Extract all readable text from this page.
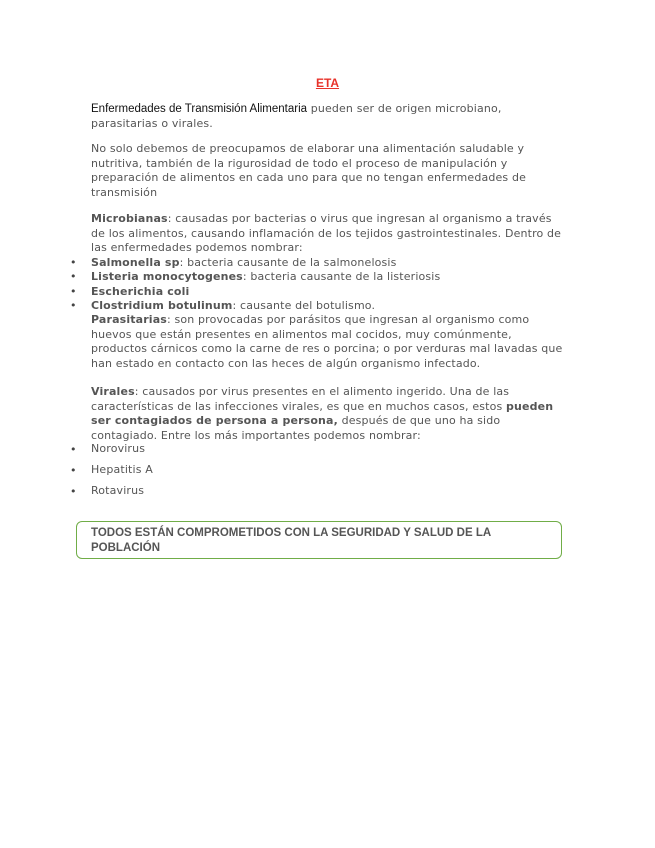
ETA
Enfermedades de Transmisión Alimentaria pueden ser de origen microbiano, parasitarias o virales.
No solo debemos de preocupamos de elaborar una alimentación saludable y nutritiva, también de la rigurosidad de todo el proceso de manipulación y preparación de alimentos en cada uno para que no tengan enfermedades de transmisión
Microbianas: causadas por bacterias o virus que ingresan al organismo a través de los alimentos, causando inflamación de los tejidos gastrointestinales. Dentro de las enfermedades podemos nombrar:
• Salmonella sp: bacteria causante de la salmonelosis
• Listeria monocytogenes: bacteria causante de la listeriosis
• Escherichia coli
• Clostridium botulinum: causante del botulismo.
Parasitarias: son provocadas por parásitos que ingresan al organismo como huevos que están presentes en alimentos mal cocidos, muy comúnmente, productos cárnicos como la carne de res o porcina; o por verduras mal lavadas que han estado en contacto con las heces de algún organismo infectado.
Virales: causados por virus presentes en el alimento ingerido. Una de las características de las infecciones virales, es que en muchos casos, estos pueden ser contagiados de persona a persona, después de que uno ha sido contagiado. Entre los más importantes podemos nombrar:
• Norovirus
• Hepatitis A
• Rotavirus
TODOS ESTÁN COMPROMETIDOS CON LA SEGURIDAD Y SALUD DE LA POBLACIÓN
